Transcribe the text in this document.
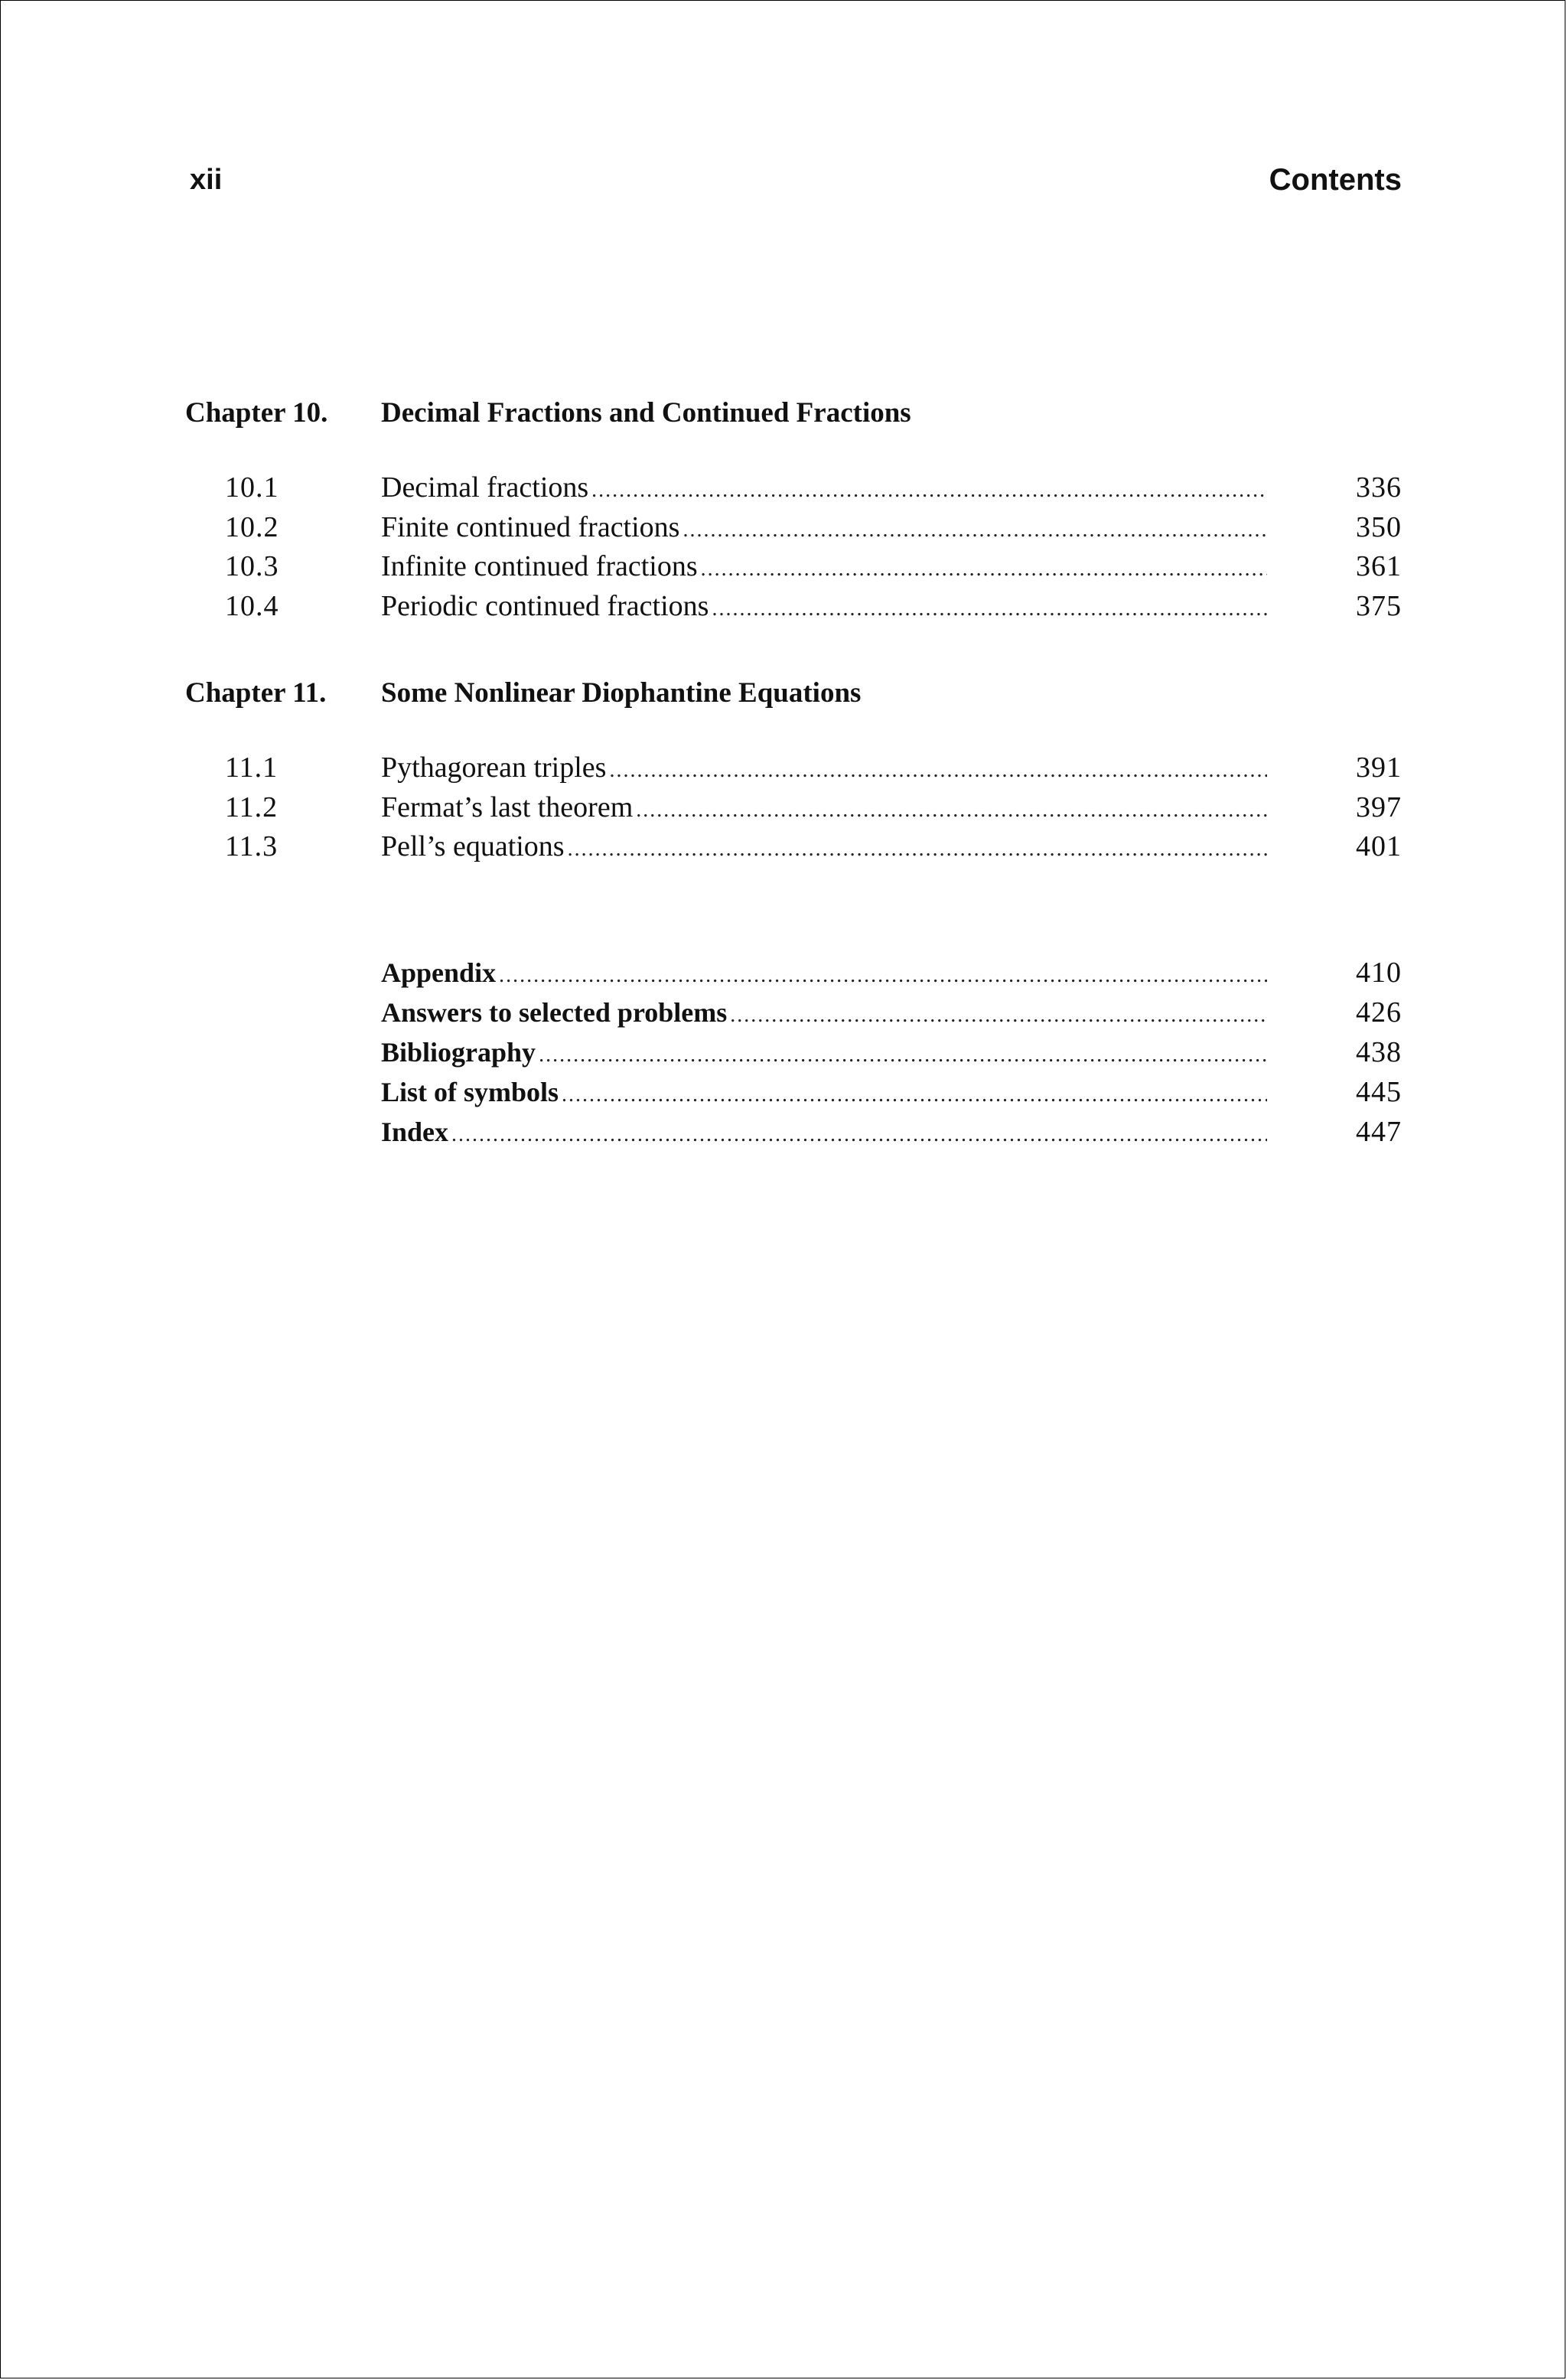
xii	Contents
Chapter 10.	Decimal Fractions and Continued Fractions
10.1	Decimal fractions .....	336
10.2	Finite continued fractions .....	350
10.3	Infinite continued fractions .....	361
10.4	Periodic continued fractions .....	375
Chapter 11.	Some Nonlinear Diophantine Equations
11.1	Pythagorean triples .....	391
11.2	Fermat’s last theorem .....	397
11.3	Pell’s equations .....	401
Appendix .....	410
Answers to selected problems .....	426
Bibliography .....	438
List of symbols .....	445
Index .....	447
